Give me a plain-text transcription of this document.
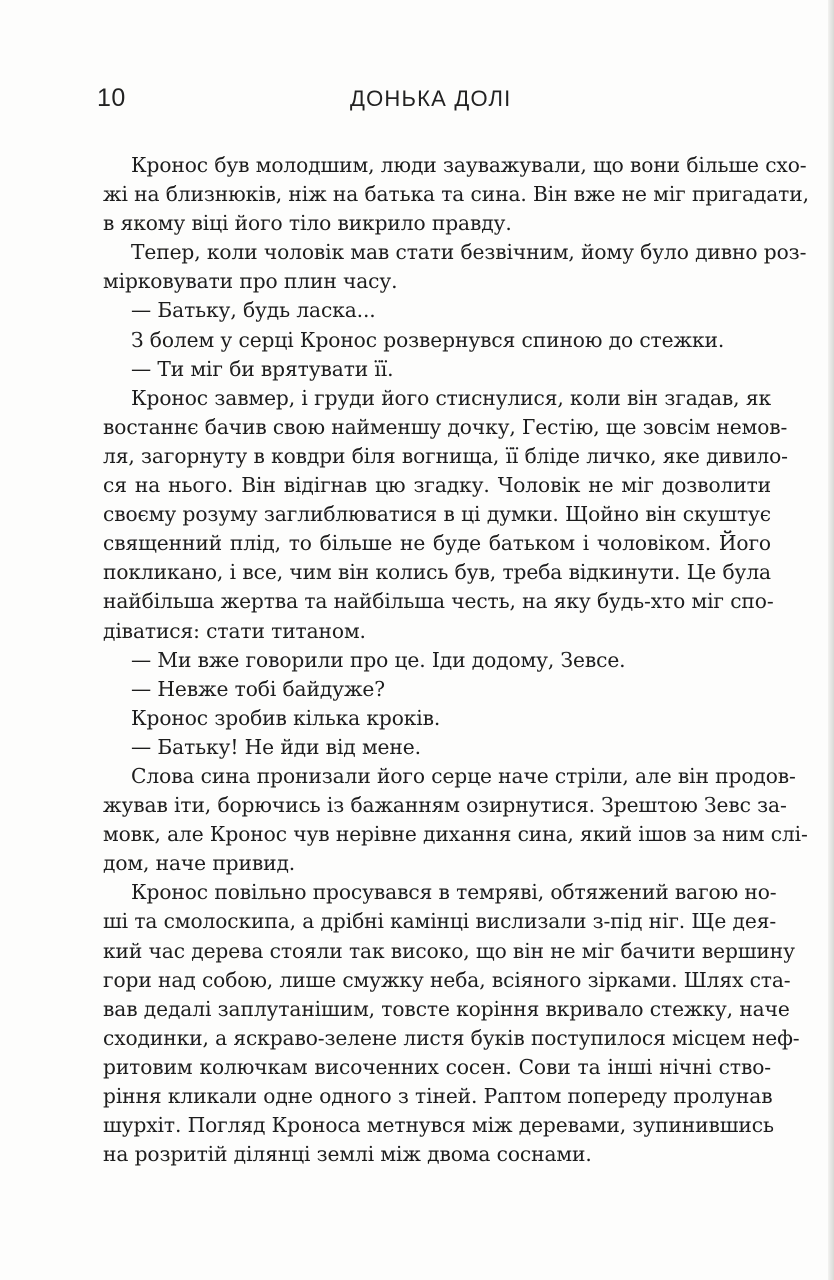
10	ДОНЬКА ДОЛІ
Кронос був молодшим, люди зауважували, що вони більше схо-
жі на близнюків, ніж на батька та сина. Він вже не міг пригадати,
в якому віці його тіло викрило правду.
Тепер, коли чоловік мав стати безвічним, йому було дивно роз-
мірковувати про плин часу.
— Батьку, будь ласка...
З болем у серці Кронос розвернувся спиною до стежки.
— Ти міг би врятувати її.
Кронос завмер, і груди його стиснулися, коли він згадав, як
востаннє бачив свою найменшу дочку, Гестію, ще зовсім немов-
ля, загорнуту в ковдри біля вогнища, її бліде личко, яке дивило-
ся на нього. Він відігнав цю згадку. Чоловік не міг дозволити
своєму розуму заглиблюватися в ці думки. Щойно він скуштує
священний плід, то більше не буде батьком і чоловіком. Його
покликано, і все, чим він колись був, треба відкинути. Це була
найбільша жертва та найбільша честь, на яку будь-хто міг спо-
діватися: стати титаном.
— Ми вже говорили про це. Іди додому, Зевсе.
— Невже тобі байдуже?
Кронос зробив кілька кроків.
— Батьку! Не йди від мене.
Слова сина пронизали його серце наче стріли, але він продов-
жував іти, борючись із бажанням озирнутися. Зрештою Зевс за-
мовк, але Кронос чув нерівне дихання сина, який ішов за ним слі-
дом, наче привид.
Кронос повільно просувався в темряві, обтяжений вагою но-
ші та смолоскипа, а дрібні камінці вислизали з-під ніг. Ще дея-
кий час дерева стояли так високо, що він не міг бачити вершину
гори над собою, лише смужку неба, всіяного зірками. Шлях ста-
вав дедалі заплутанішим, товсте коріння вкривало стежку, наче
сходинки, а яскраво-зелене листя буків поступилося місцем неф-
ритовим колючкам височенних сосен. Сови та інші нічні ство-
ріння кликали одне одного з тіней. Раптом попереду пролунав
шурхіт. Погляд Кроноса метнувся між деревами, зупинившись
на розритій ділянці землі між двома соснами.
